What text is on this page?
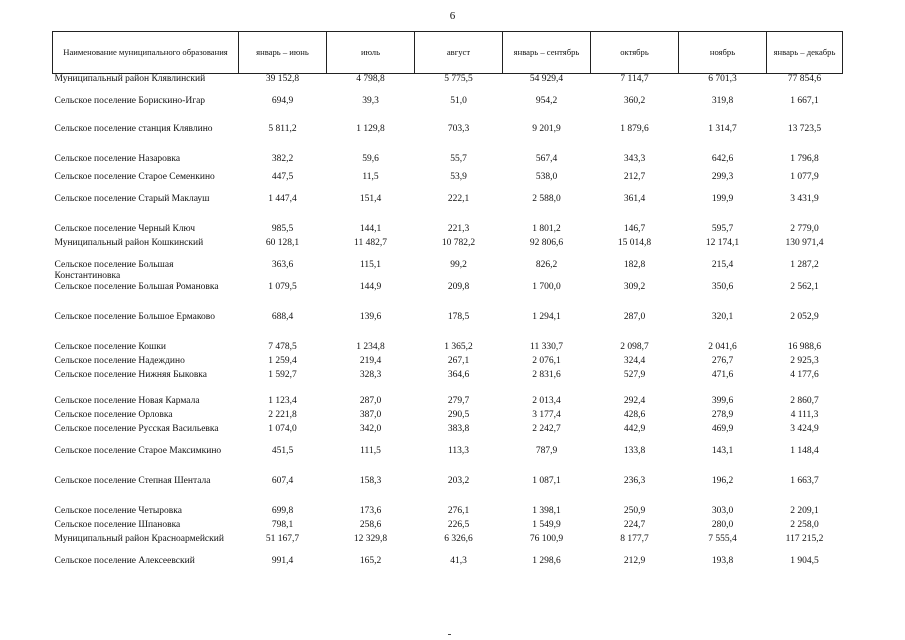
6
Наименование муниципального образования	январь – июнь	июль	август	январь – сентябрь	октябрь	ноябрь	январь – декабрь
Муниципальный район Клявлинский	39 152,8	4 798,8	5 775,5	54 929,4	7 114,7	6 701,3	77 854,6
Сельское поселение Борискино-Игар	694,9	39,3	51,0	954,2	360,2	319,8	1 667,1
Сельское поселение станция Клявлино	5 811,2	1 129,8	703,3	9 201,9	1 879,6	1 314,7	13 723,5
Сельское поселение Назаровка	382,2	59,6	55,7	567,4	343,3	642,6	1 796,8
Сельское поселение Старое Семенкино	447,5	11,5	53,9	538,0	212,7	299,3	1 077,9
Сельское поселение Старый Маклауш	1 447,4	151,4	222,1	2 588,0	361,4	199,9	3 431,9
Сельское поселение Черный Ключ	985,5	144,1	221,3	1 801,2	146,7	595,7	2 779,0
Муниципальный район Кошкинский	60 128,1	11 482,7	10 782,2	92 806,6	15 014,8	12 174,1	130 971,4
Сельское поселение Большая Константиновка	363,6	115,1	99,2	826,2	182,8	215,4	1 287,2
Сельское поселение Большая Романовка	1 079,5	144,9	209,8	1 700,0	309,2	350,6	2 562,1
Сельское поселение Большое Ермаково	688,4	139,6	178,5	1 294,1	287,0	320,1	2 052,9
Сельское поселение Кошки	7 478,5	1 234,8	1 365,2	11 330,7	2 098,7	2 041,6	16 988,6
Сельское поселение Надеждино	1 259,4	219,4	267,1	2 076,1	324,4	276,7	2 925,3
Сельское поселение Нижняя Быковка	1 592,7	328,3	364,6	2 831,6	527,9	471,6	4 177,6
Сельское поселение Новая Кармала	1 123,4	287,0	279,7	2 013,4	292,4	399,6	2 860,7
Сельское поселение Орловка	2 221,8	387,0	290,5	3 177,4	428,6	278,9	4 111,3
Сельское поселение Русская Васильевка	1 074,0	342,0	383,8	2 242,7	442,9	469,9	3 424,9
Сельское поселение Старое Максимкино	451,5	111,5	113,3	787,9	133,8	143,1	1 148,4
Сельское поселение Степная Шентала	607,4	158,3	203,2	1 087,1	236,3	196,2	1 663,7
Сельское поселение Четыровка	699,8	173,6	276,1	1 398,1	250,9	303,0	2 209,1
Сельское поселение Шпановка	798,1	258,6	226,5	1 549,9	224,7	280,0	2 258,0
Муниципальный район Красноармейский	51 167,7	12 329,8	6 326,6	76 100,9	8 177,7	7 555,4	117 215,2
Сельское поселение Алексеевский	991,4	165,2	41,3	1 298,6	212,9	193,8	1 904,5
